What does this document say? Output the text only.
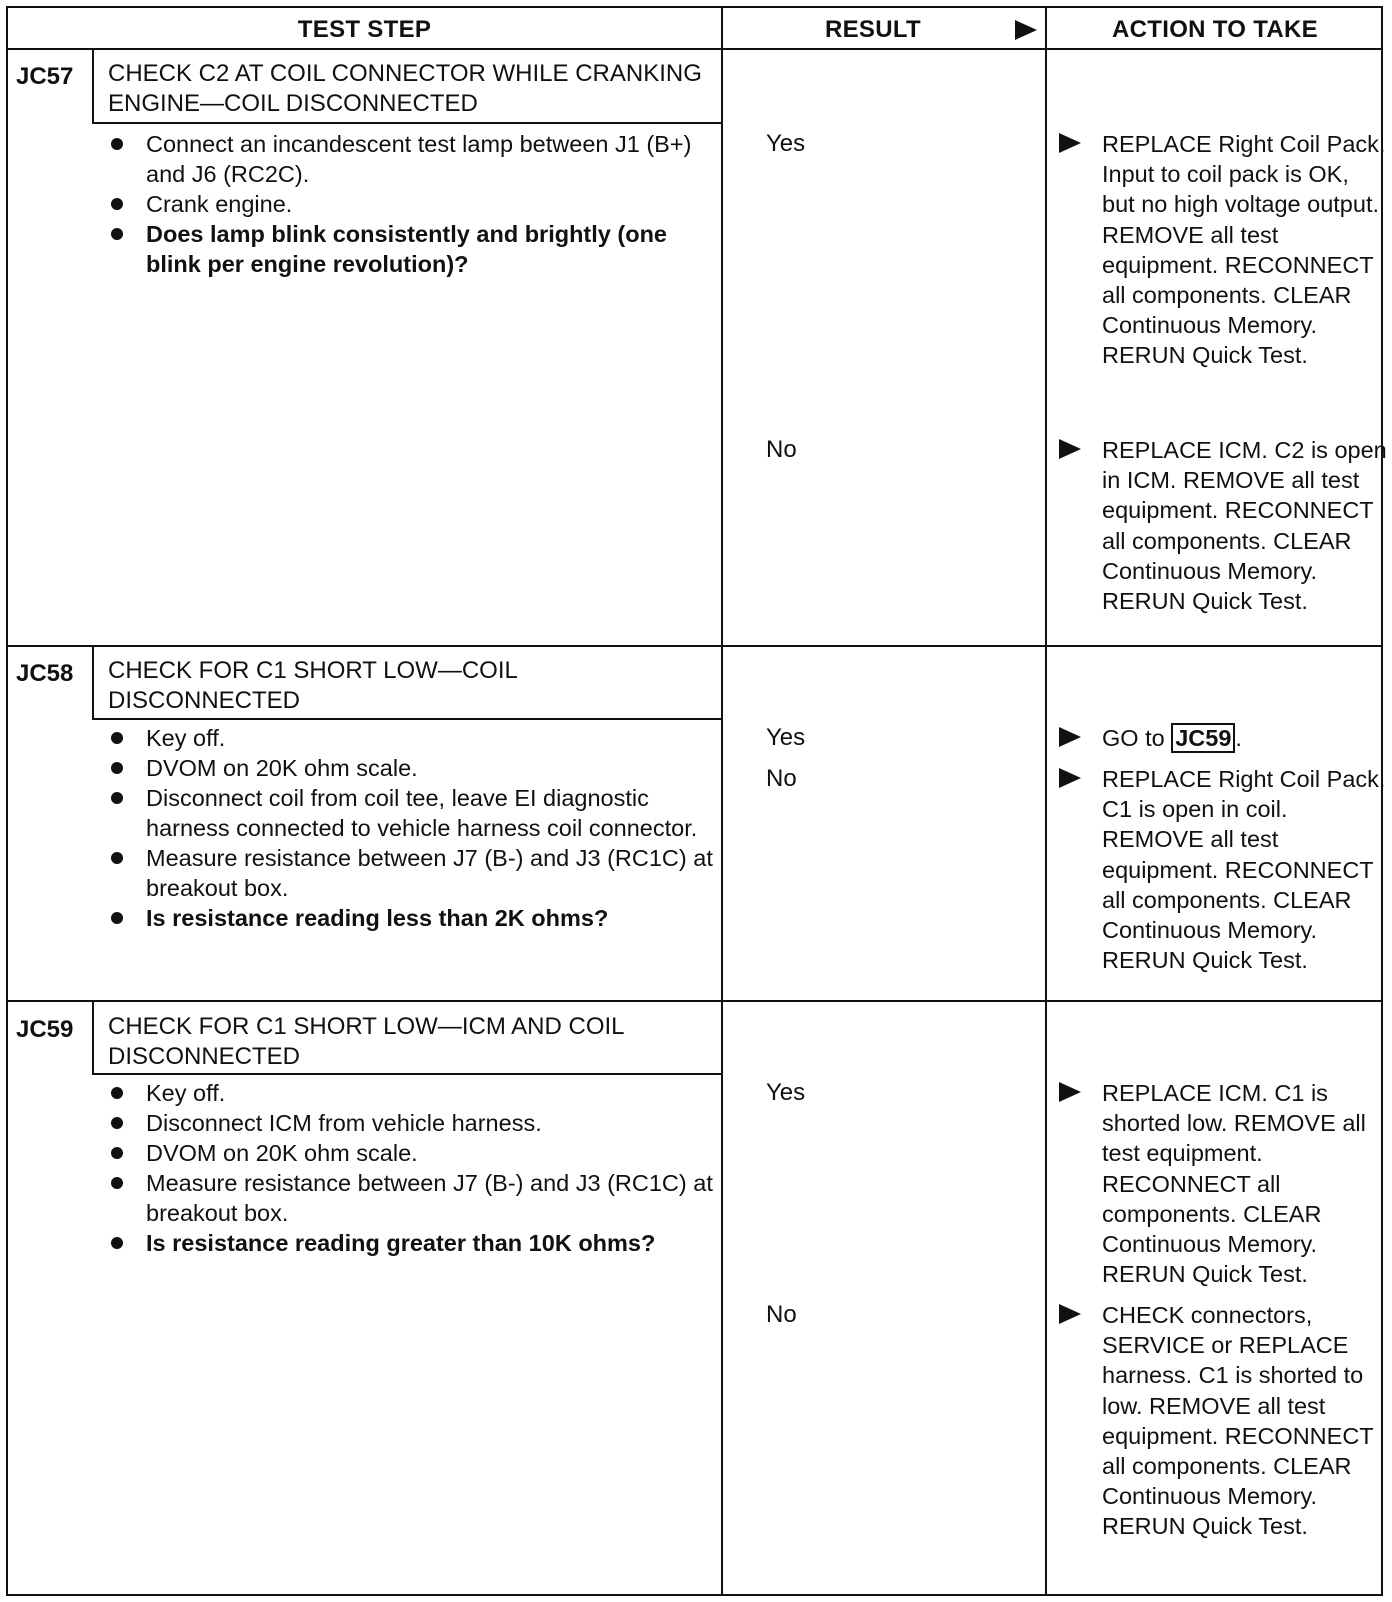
TEST STEP	RESULT	ACTION TO TAKE
JC57 CHECK C2 AT COIL CONNECTOR WHILE CRANKING ENGINE—COIL DISCONNECTED
Connect an incandescent test lamp between J1 (B+) and J6 (RC2C).
Crank engine.
Does lamp blink consistently and brightly (one blink per engine revolution)?
Yes	REPLACE Right Coil Pack. Input to coil pack is OK, but no high voltage output. REMOVE all test equipment. RECONNECT all components. CLEAR Continuous Memory. RERUN Quick Test.
No	REPLACE ICM. C2 is open in ICM. REMOVE all test equipment. RECONNECT all components. CLEAR Continuous Memory. RERUN Quick Test.
JC58 CHECK FOR C1 SHORT LOW—COIL DISCONNECTED
Key off.
DVOM on 20K ohm scale.
Disconnect coil from coil tee, leave EI diagnostic harness connected to vehicle harness coil connector.
Measure resistance between J7 (B-) and J3 (RC1C) at breakout box.
Is resistance reading less than 2K ohms?
Yes	GO to JC59 .
No	REPLACE Right Coil Pack. C1 is open in coil. REMOVE all test equipment. RECONNECT all components. CLEAR Continuous Memory. RERUN Quick Test.
JC59 CHECK FOR C1 SHORT LOW—ICM AND COIL DISCONNECTED
Key off.
Disconnect ICM from vehicle harness.
DVOM on 20K ohm scale.
Measure resistance between J7 (B-) and J3 (RC1C) at breakout box.
Is resistance reading greater than 10K ohms?
Yes	REPLACE ICM. C1 is shorted low. REMOVE all test equipment. RECONNECT all components. CLEAR Continuous Memory. RERUN Quick Test.
No	CHECK connectors, SERVICE or REPLACE harness. C1 is shorted to low. REMOVE all test equipment. RECONNECT all components. CLEAR Continuous Memory. RERUN Quick Test.
